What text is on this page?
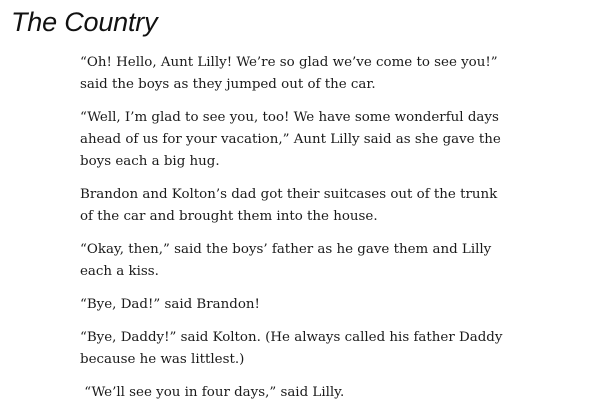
The Country

“Oh! Hello, Aunt Lilly! We’re so glad we’ve come to see you!” said the boys as they jumped out of the car.

“Well, I’m glad to see you, too! We have some wonderful days ahead of us for your vacation,” Aunt Lilly said as she gave the boys each a big hug.

Brandon and Kolton’s dad got their suitcases out of the trunk of the car and brought them into the house.

“Okay, then,” said the boys’ father as he gave them and Lilly each a kiss.

“Bye, Dad!” said Brandon!

“Bye, Daddy!” said Kolton. (He always called his father Daddy because he was littlest.)

“We’ll see you in four days,” said Lilly.
